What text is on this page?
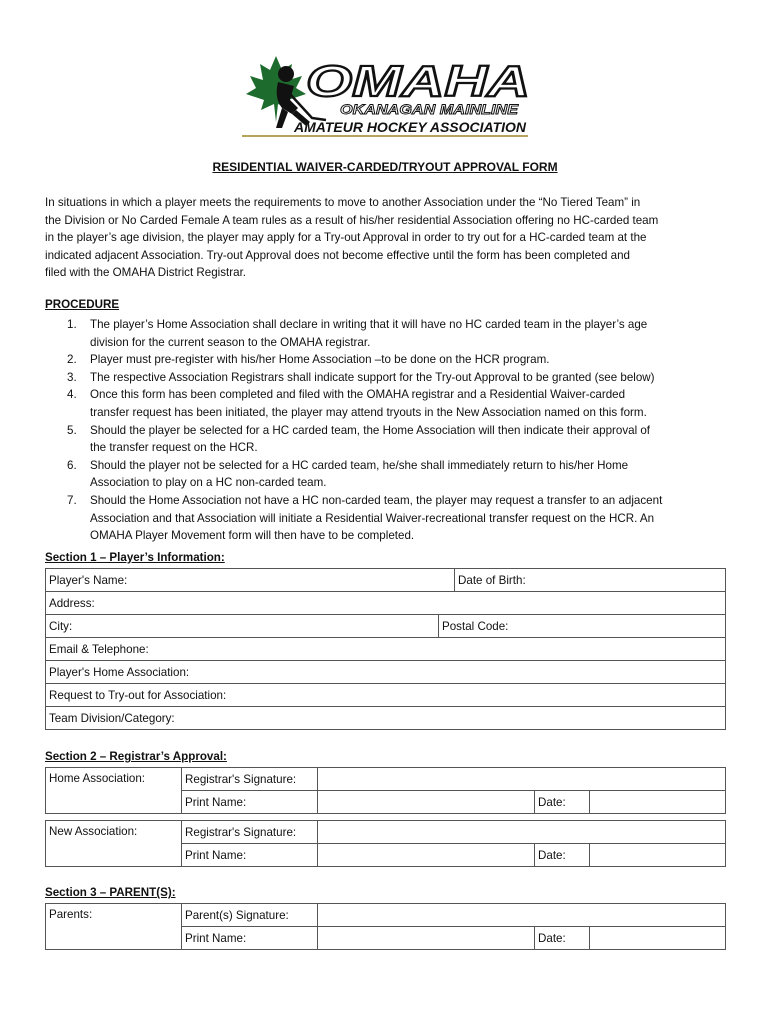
OMAHA
OKANAGAN MAINLINE
AMATEUR HOCKEY ASSOCIATION
RESIDENTIAL WAIVER-CARDED/TRYOUT APPROVAL FORM

In situations in which a player meets the requirements to move to another Association under the “No Tiered Team” in
the Division or No Carded Female A team rules as a result of his/her residential Association offering no HC-carded team
in the player’s age division, the player may apply for a Try-out Approval in order to try out for a HC-carded team at the
indicated adjacent Association. Try-out Approval does not become effective until the form has been completed and
filed with the OMAHA District Registrar.

PROCEDURE
1. The player’s Home Association shall declare in writing that it will have no HC carded team in the player’s age
division for the current season to the OMAHA registrar.
2. Player must pre-register with his/her Home Association –to be done on the HCR program.
3. The respective Association Registrars shall indicate support for the Try-out Approval to be granted (see below)
4. Once this form has been completed and filed with the OMAHA registrar and a Residential Waiver-carded
transfer request has been initiated, the player may attend tryouts in the New Association named on this form.
5. Should the player be selected for a HC carded team, the Home Association will then indicate their approval of
the transfer request on the HCR.
6. Should the player not be selected for a HC carded team, he/she shall immediately return to his/her Home
Association to play on a HC non-carded team.
7. Should the Home Association not have a HC non-carded team, the player may request a transfer to an adjacent
Association and that Association will initiate a Residential Waiver-recreational transfer request on the HCR. An
OMAHA Player Movement form will then have to be completed.
Section 1 – Player’s Information:
Player's Name:	Date of Birth:
Address:

City:	Postal Code:

Email & Telephone:
Player's Home Association:
Request to Try-out for Association:
Team Division/Category:
Section 2 – Registrar’s Approval:
Home Association:	Registrar's Signature:			
	Print Name:		Date:	
New Association:	Registrar's Signature:			
	Print Name:		Date:	
Section 3 – PARENT(S):
Parents:	Parent(s) Signature:			
	Print Name:		Date:	
